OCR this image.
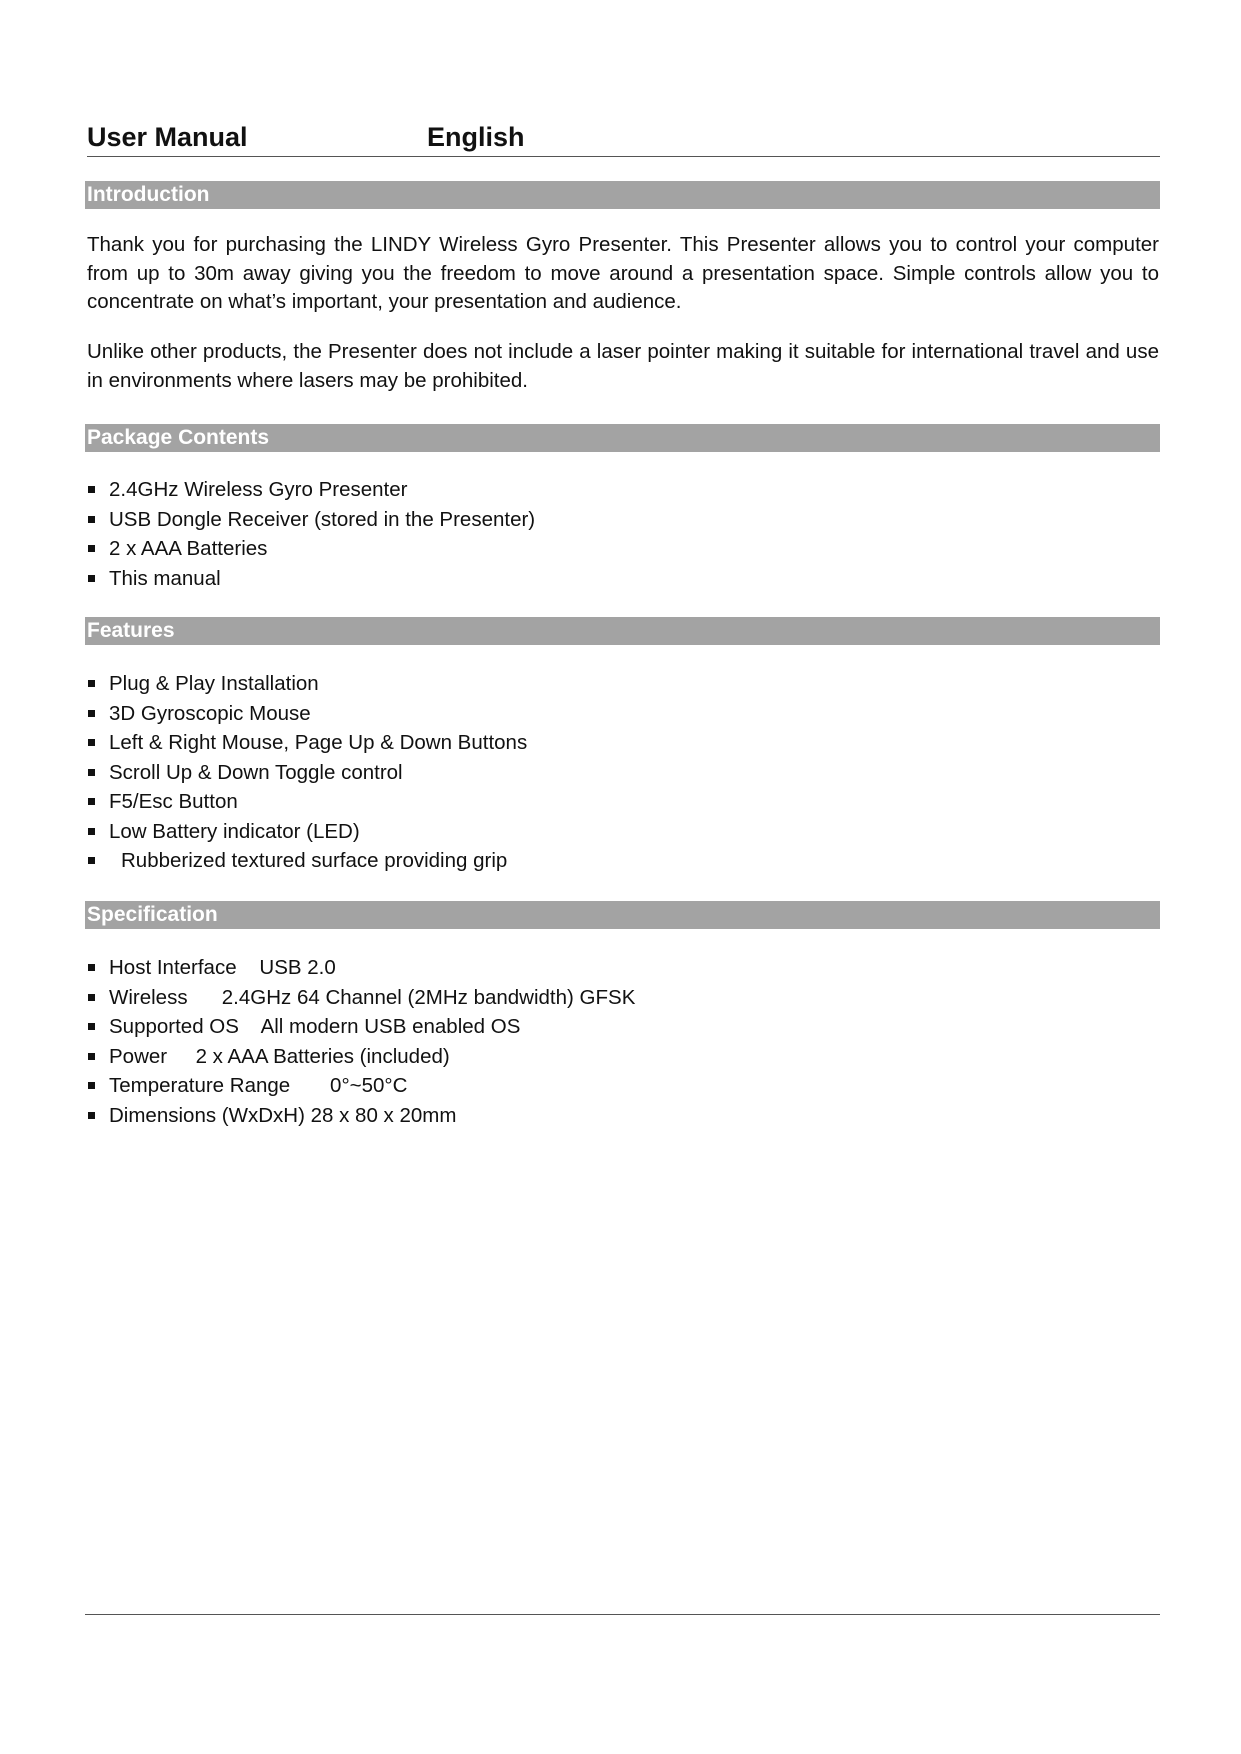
User Manual	English
Introduction

Thank you for purchasing the LINDY Wireless Gyro Presenter. This Presenter allows you to control your computer from up to 30m away giving you the freedom to move around a presentation space. Simple controls allow you to concentrate on what’s important, your presentation and audience.

Unlike other products, the Presenter does not include a laser pointer making it suitable for international travel and use in environments where lasers may be prohibited.

Package Contents
2.4GHz Wireless Gyro Presenter
USB Dongle Receiver (stored in the Presenter)
2 x AAA Batteries
This manual
Features
Plug & Play Installation
3D Gyroscopic Mouse
Left & Right Mouse, Page Up & Down Buttons
Scroll Up & Down Toggle control
F5/Esc Button
Low Battery indicator (LED)
Rubberized textured surface providing grip
Specification
Host Interface    USB 2.0
Wireless      2.4GHz 64 Channel (2MHz bandwidth) GFSK
Supported OS    All modern USB enabled OS
Power     2 x AAA Batteries (included)
Temperature Range       0°~50°C
Dimensions (WxDxH) 28 x 80 x 20mm
